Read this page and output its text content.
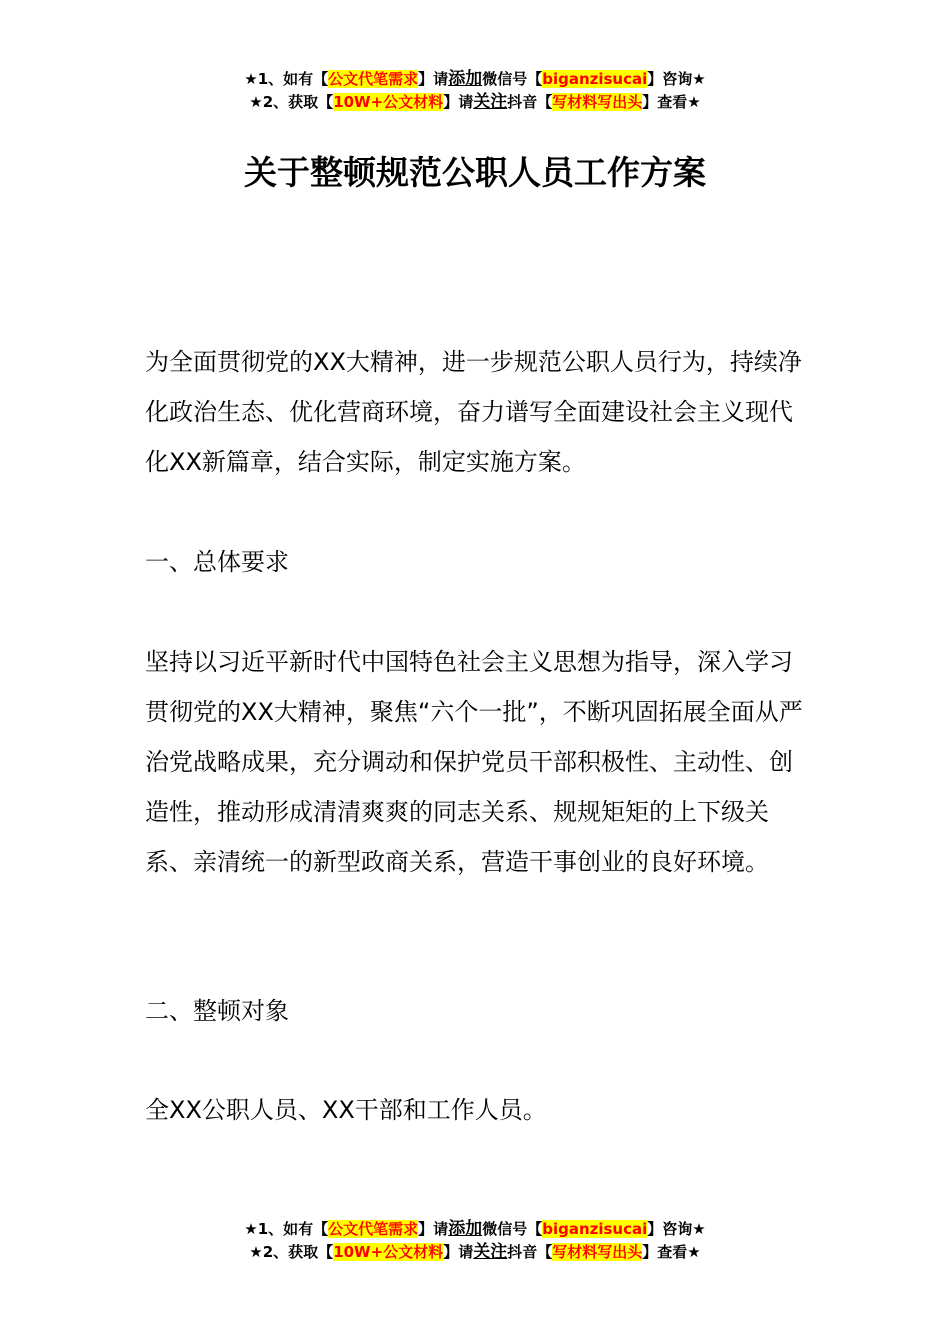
★1、如有【公文代笔需求】请添加微信号【biganzisucai】咨询★
★2、获取【10W+公文材料】请关注抖音【写材料写出头】查看★
关于整顿规范公职人员工作方案

为全面贯彻党的XX大精神，进一步规范公职人员行为，持续净化政治生态、优化营商环境，奋力谱写全面建设社会主义现代化XX新篇章，结合实际，制定实施方案。

一、总体要求

坚持以习近平新时代中国特色社会主义思想为指导，深入学习贯彻党的XX大精神，聚焦“六个一批”，不断巩固拓展全面从严治党战略成果，充分调动和保护党员干部积极性、主动性、创造性，推动形成清清爽爽的同志关系、规规矩矩的上下级关系、亲清统一的新型政商关系，营造干事创业的良好环境。

二、整顿对象

全XX公职人员、XX干部和工作人员。

★1、如有【公文代笔需求】请添加微信号【biganzisucai】咨询★
★2、获取【10W+公文材料】请关注抖音【写材料写出头】查看★
